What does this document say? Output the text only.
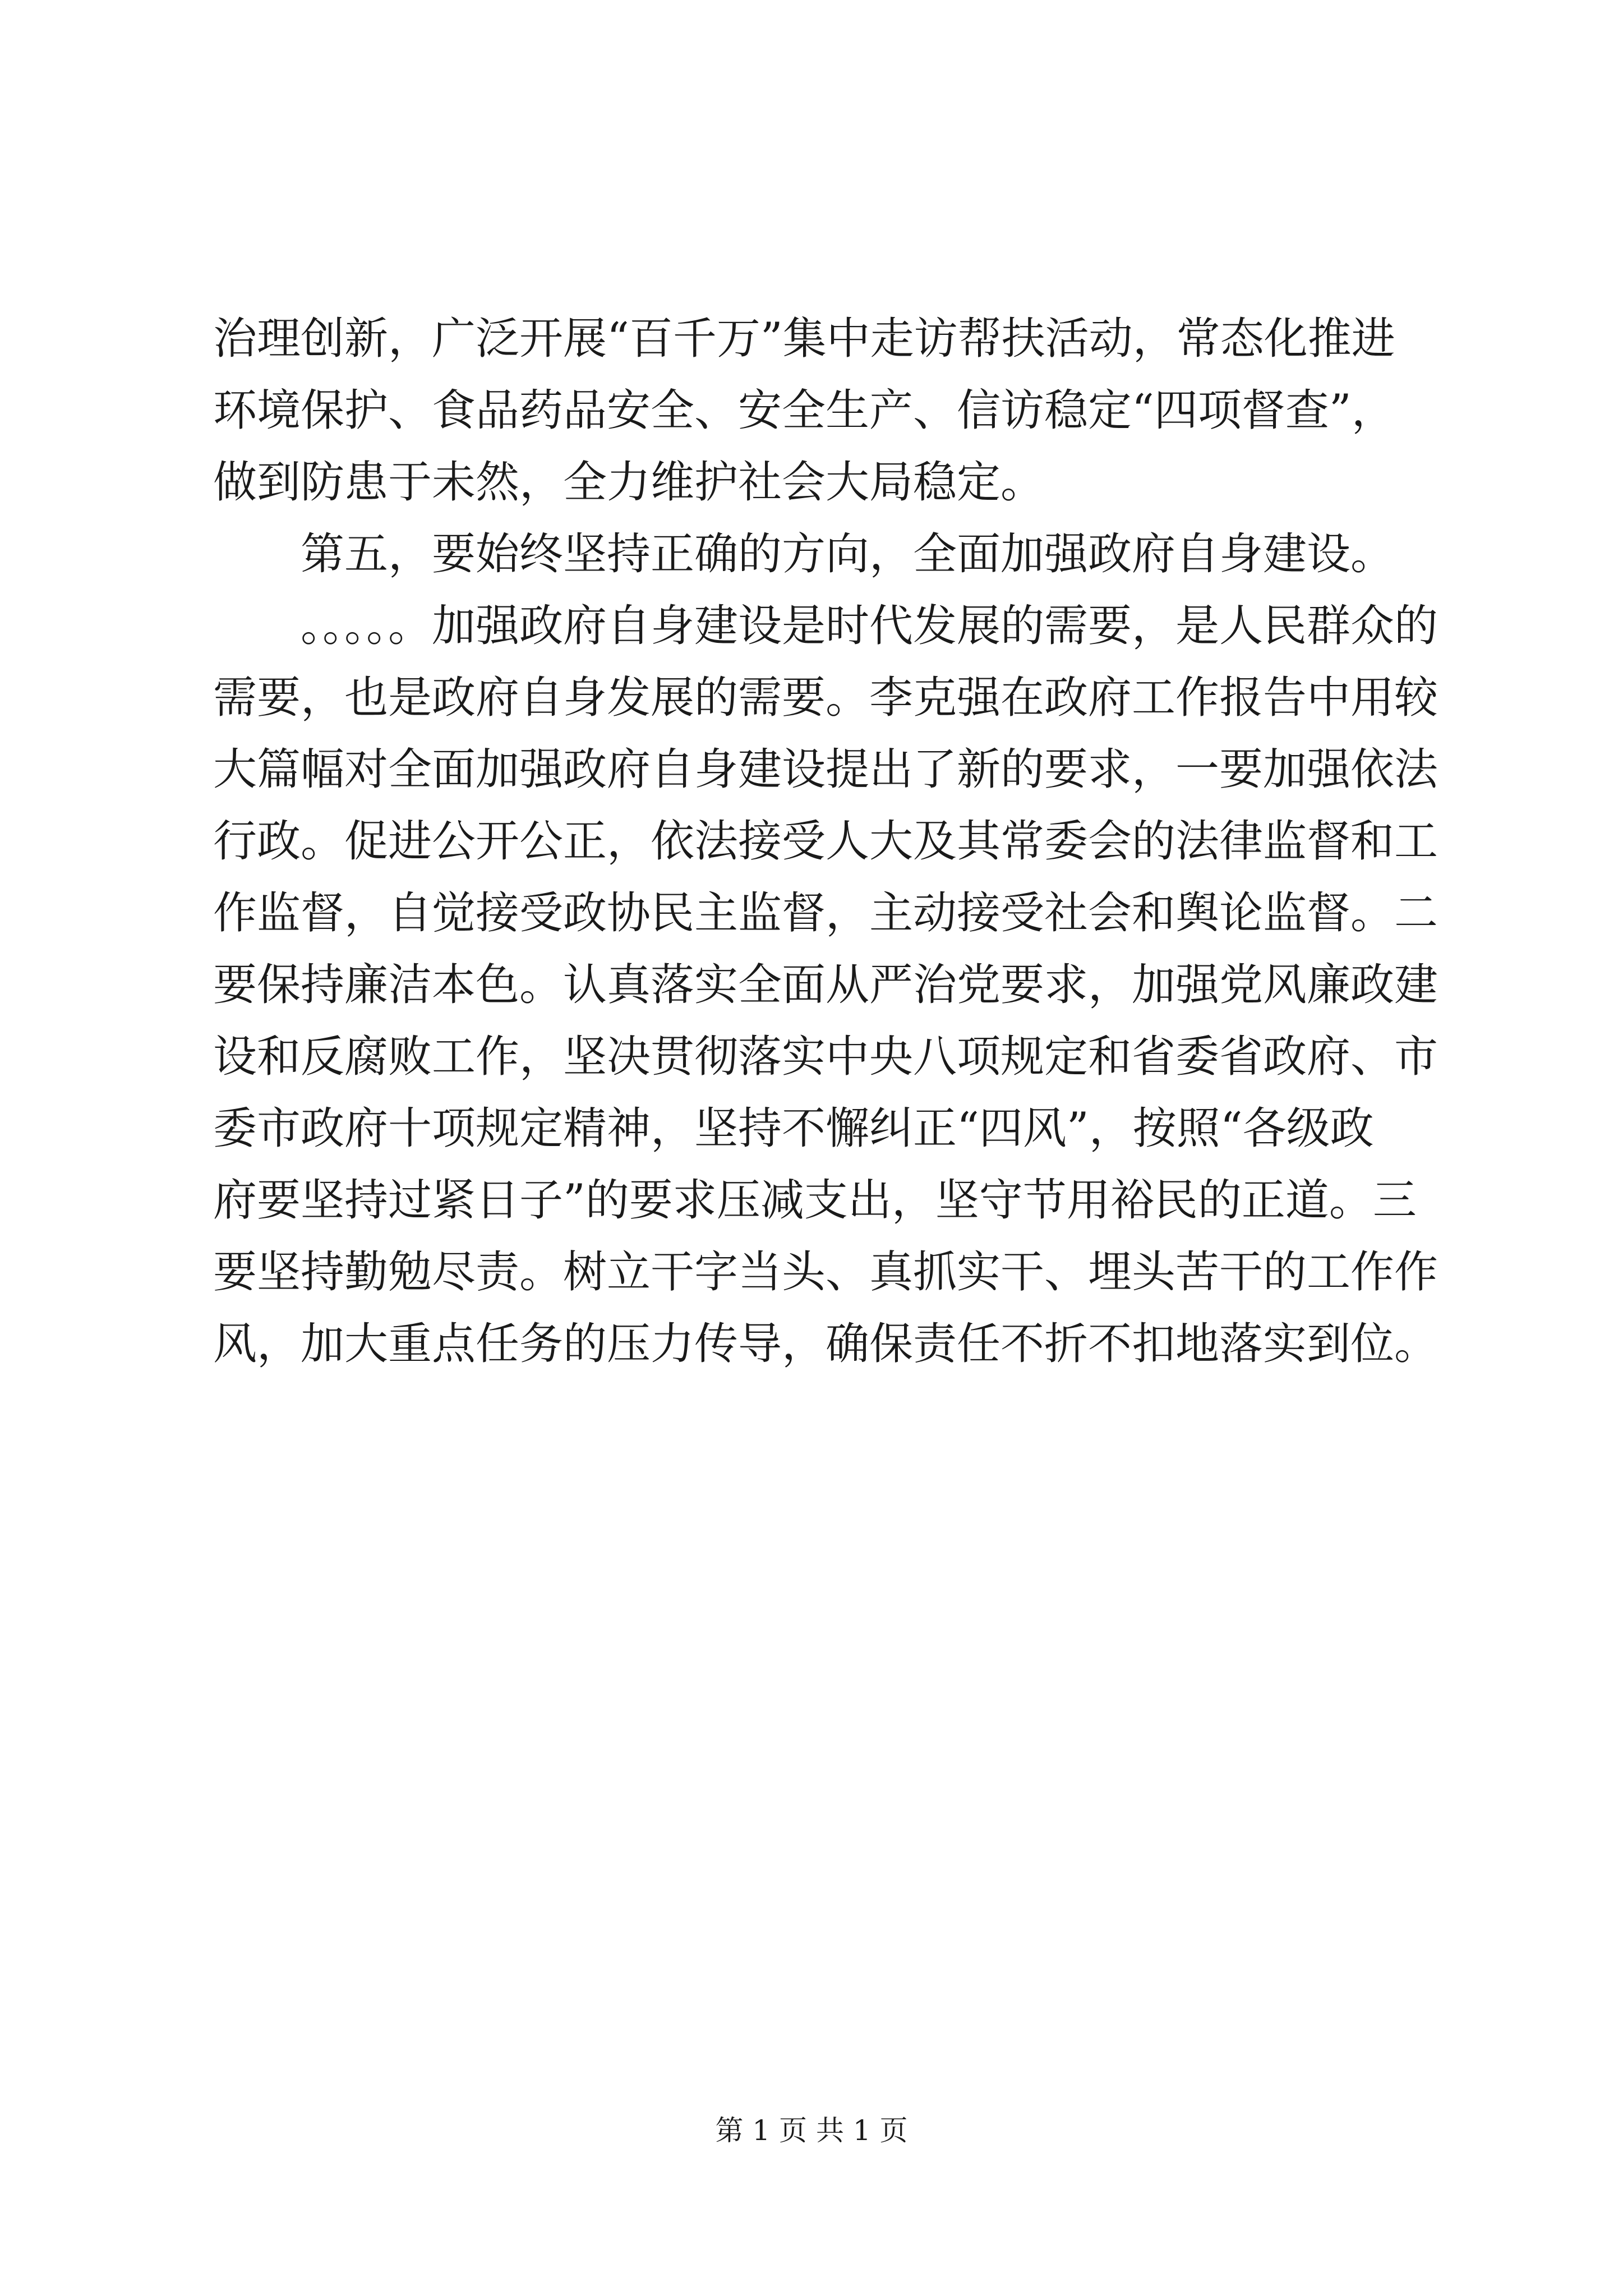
治理创新，广泛开展“百千万”集中走访帮扶活动，常态化推进
环境保护、食品药品安全、安全生产、信访稳定“四项督查”，
做到防患于未然，全力维护社会大局稳定。
第五，要始终坚持正确的方向，全面加强政府自身建设。
。。。。。加强政府自身建设是时代发展的需要，是人民群众的
需要，也是政府自身发展的需要。李克强在政府工作报告中用较
大篇幅对全面加强政府自身建设提出了新的要求，一要加强依法
行政。促进公开公正，依法接受人大及其常委会的法律监督和工
作监督，自觉接受政协民主监督，主动接受社会和舆论监督。二
要保持廉洁本色。认真落实全面从严治党要求，加强党风廉政建
设和反腐败工作，坚决贯彻落实中央八项规定和省委省政府、市
委市政府十项规定精神，坚持不懈纠正“四风”，按照“各级政
府要坚持过紧日子”的要求压减支出，坚守节用裕民的正道。三
要坚持勤勉尽责。树立干字当头、真抓实干、埋头苦干的工作作
风，加大重点任务的压力传导，确保责任不折不扣地落实到位。
第 1 页 共 1 页
